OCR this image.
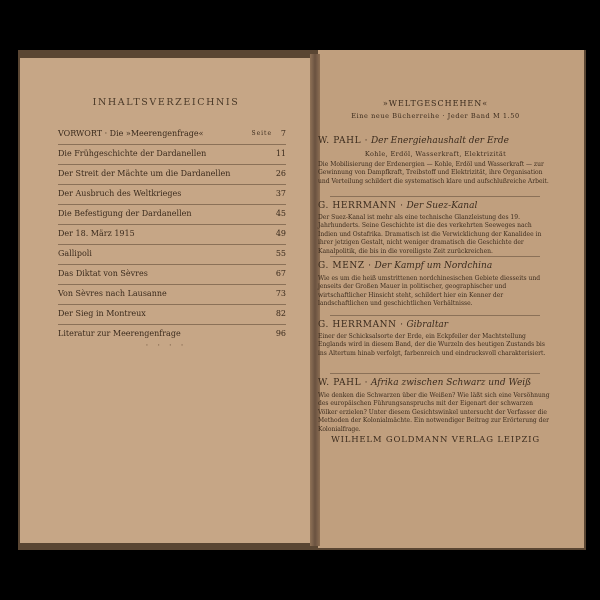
INHALTSVERZEICHNIS
VORWORT · Die »Meerengenfrage«	Seite 7
Die Frühgeschichte der Dardanellen	11
Der Streit der Mächte um die Dardanellen	26
Der Ausbruch des Weltkrieges	37
Die Befestigung der Dardanellen	45
Der 18. März 1915	49
Gallipoli	55
Das Diktat von Sèvres	67
Von Sèvres nach Lausanne	73
Der Sieg in Montreux	82
Literatur zur Meerengenfrage	96
· · · ·
»WELTGESCHEHEN«
Eine neue Bücherreihe · Jeder Band M 1.50
W. PAHL · Der Energiehaushalt der Erde
Kohle, Erdöl, Wasserkraft, Elektrizität
Die Mobilisierung der Erdenergien — Kohle, Erdöl und Wasserkraft — zur Gewinnung von Dampfkraft, Treibstoff und Elektrizität, ihre Organisation und Verteilung schildert die systematisch klare und aufschlußreiche Arbeit.
G. HERRMANN · Der Suez-Kanal
Der Suez-Kanal ist mehr als eine technische Glanzleistung des 19. Jahrhunderts. Seine Geschichte ist die des verkehrten Seeweges nach Indien und Ostafrika. Dramatisch ist die Verwicklichung der Kanalidee in ihrer jetzigen Gestalt, nicht weniger dramatisch die Geschichte der Kanalpolitik, die bis in die voreiligste Zeit zurückreichen.
G. MENZ · Der Kampf um Nordchina
Wie es um die heiß umstrittenen nordchinesischen Gebiete diesseits und jenseits der Großen Mauer in politischer, geographischer und wirtschaftlicher Hinsicht steht, schildert hier ein Kenner der landschaftlichen und geschichtlichen Verhältnisse.
G. HERRMANN · Gibraltar
Einer der Schicksalsorte der Erde, ein Eckpfeiler der Machtstellung Englands wird in diesem Band, der die Wurzeln des heutigen Zustands bis ins Altertum hinab verfolgt, farbenreich und eindrucksvoll charakterisiert.
W. PAHL · Afrika zwischen Schwarz und Weiß
Wie denken die Schwarzen über die Weißen? Wie läßt sich eine Versöhnung des europäischen Führungsanspruchs mit der Eigenart der schwarzen Völker erzielen? Unter diesem Gesichtswinkel untersucht der Verfasser die Methoden der Kolonialmächte. Ein notwendiger Beitrag zur Erörterung der Kolonialfrage.
WILHELM GOLDMANN VERLAG LEIPZIG
